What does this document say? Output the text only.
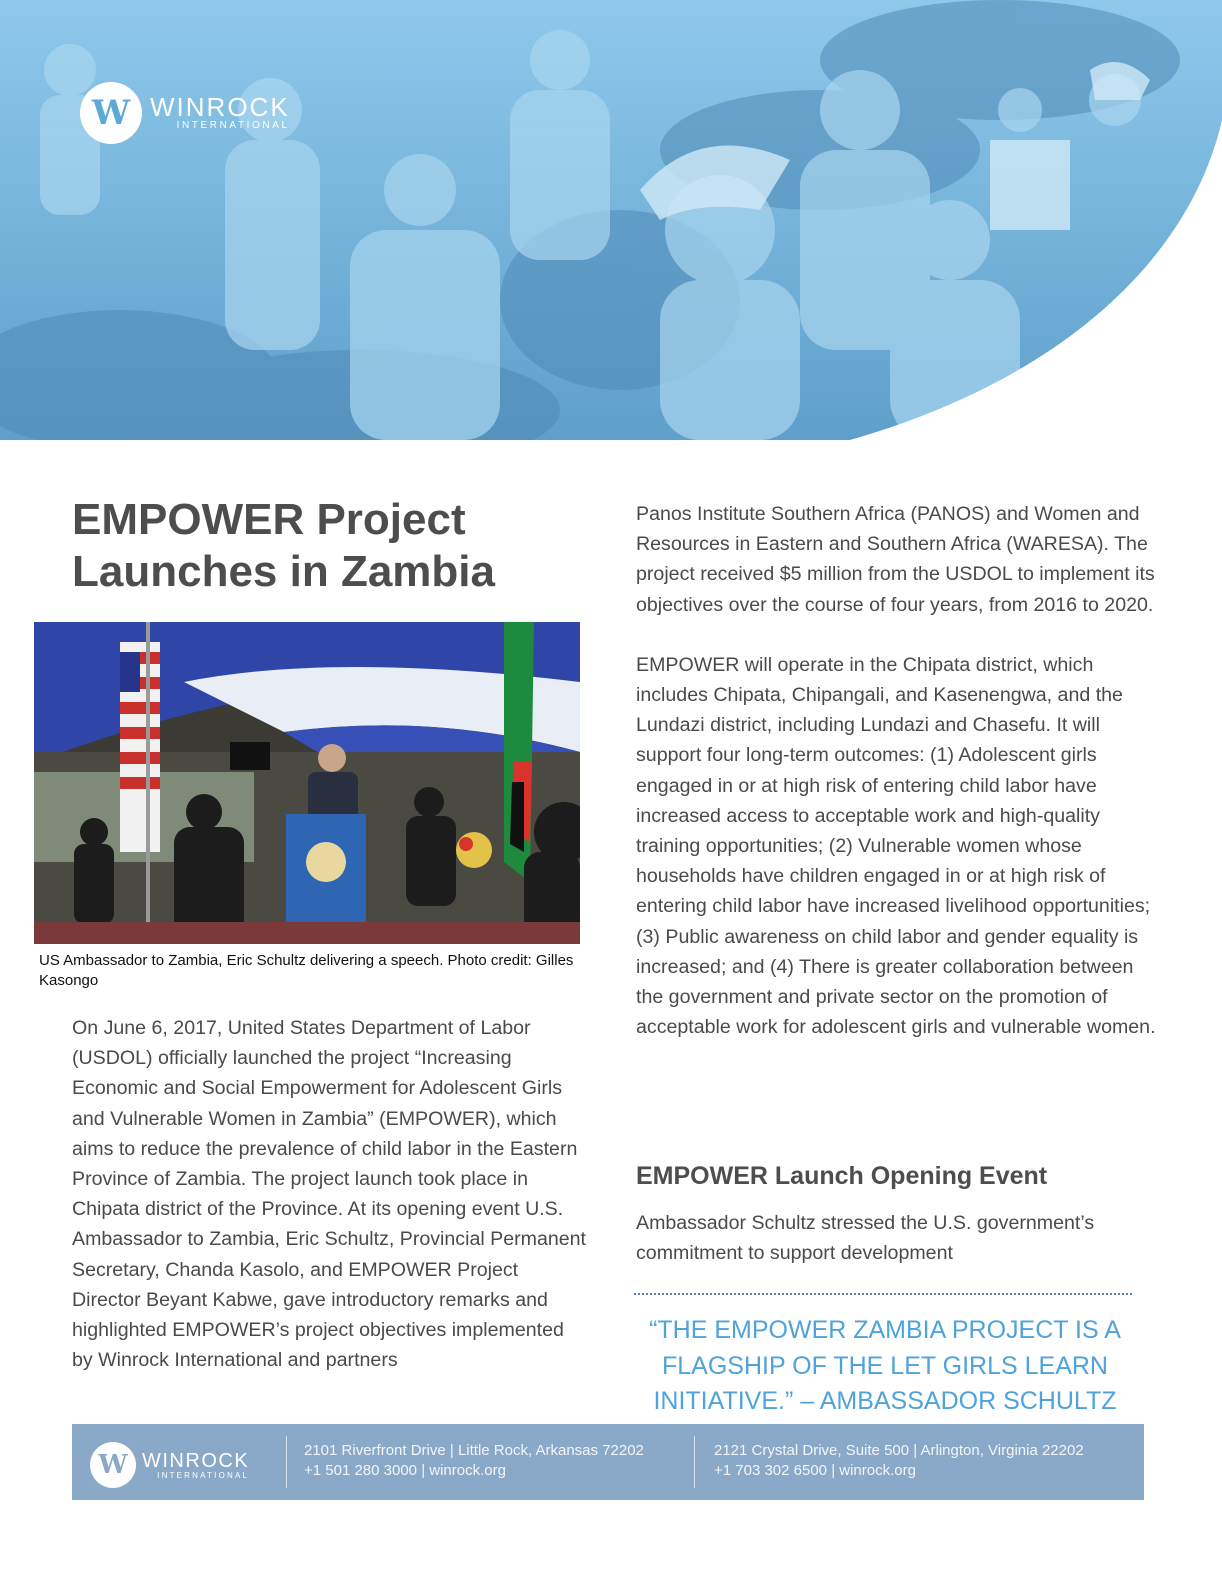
W WINROCK
INTERNATIONAL
EMPOWER Project Launches in Zambia

US Ambassador to Zambia, Eric Schultz delivering a speech. Photo credit: Gilles Kasongo

On June 6, 2017, United States Department of Labor (USDOL) officially launched the project “Increasing Economic and Social Empowerment for Adolescent Girls and Vulnerable Women in Zambia” (EMPOWER), which aims to reduce the prevalence of child labor in the Eastern Province of Zambia. The project launch took place in Chipata district of the Province. At its opening event U.S. Ambassador to Zambia, Eric Schultz, Provincial Permanent Secretary, Chanda Kasolo, and EMPOWER Project Director Beyant Kabwe, gave introductory remarks and highlighted EMPOWER’s project objectives implemented by Winrock International and partners

Panos Institute Southern Africa (PANOS) and Women and Resources in Eastern and Southern Africa (WARESA). The project received $5 million from the USDOL to implement its objectives over the course of four years, from 2016 to 2020.

EMPOWER will operate in the Chipata district, which includes Chipata, Chipangali, and Kasenengwa, and the Lundazi district, including Lundazi and Chasefu. It will support four long-term outcomes: (1) Adolescent girls engaged in or at high risk of entering child labor have increased access to acceptable work and high-quality training opportunities; (2) Vulnerable women whose households have children engaged in or at high risk of entering child labor have increased livelihood opportunities; (3) Public awareness on child labor and gender equality is increased; and (4) There is greater collaboration between the government and private sector on the promotion of acceptable work for adolescent girls and vulnerable women.

EMPOWER Launch Opening Event

Ambassador Schultz stressed the U.S. government’s commitment to support development

“THE EMPOWER ZAMBIA PROJECT IS A FLAGSHIP OF THE LET GIRLS LEARN INITIATIVE.” – AMBASSADOR SCHULTZ

W WINROCK
INTERNATIONAL
2101 Riverfront Drive | Little Rock, Arkansas 72202
+1 501 280 3000 | winrock.org
2121 Crystal Drive, Suite 500 | Arlington, Virginia 22202
+1 703 302 6500 | winrock.org
